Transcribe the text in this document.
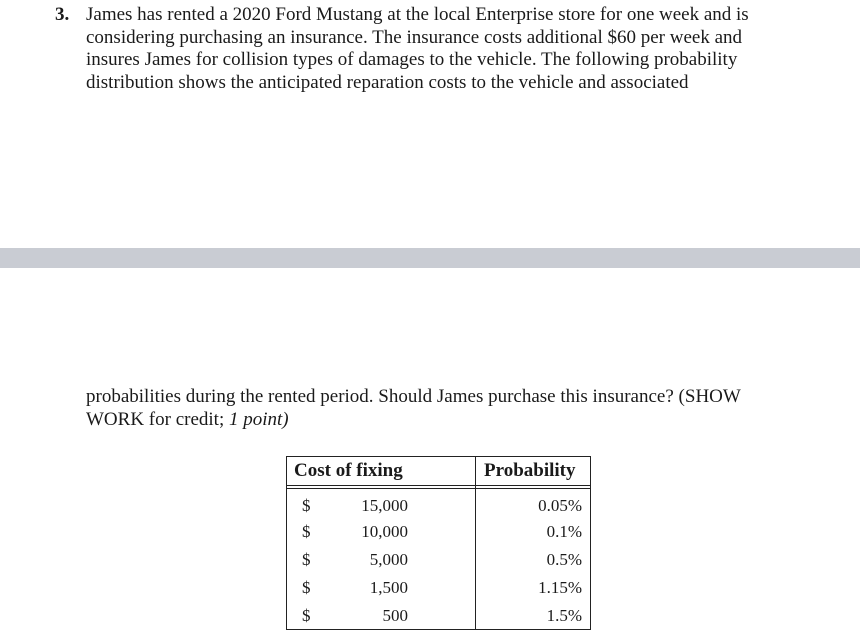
3. James has rented a 2020 Ford Mustang at the local Enterprise store for one week and is
considering purchasing an insurance. The insurance costs additional $60 per week and
insures James for collision types of damages to the vehicle. The following probability
distribution shows the anticipated reparation costs to the vehicle and associated
probabilities during the rented period. Should James purchase this insurance? (SHOW
WORK for credit; 1 point)
Cost of fixing	Probability
$	15,000	0.05%
$	10,000	0.1%
$	5,000	0.5%
$	1,500	1.15%
$	500	1.5%
